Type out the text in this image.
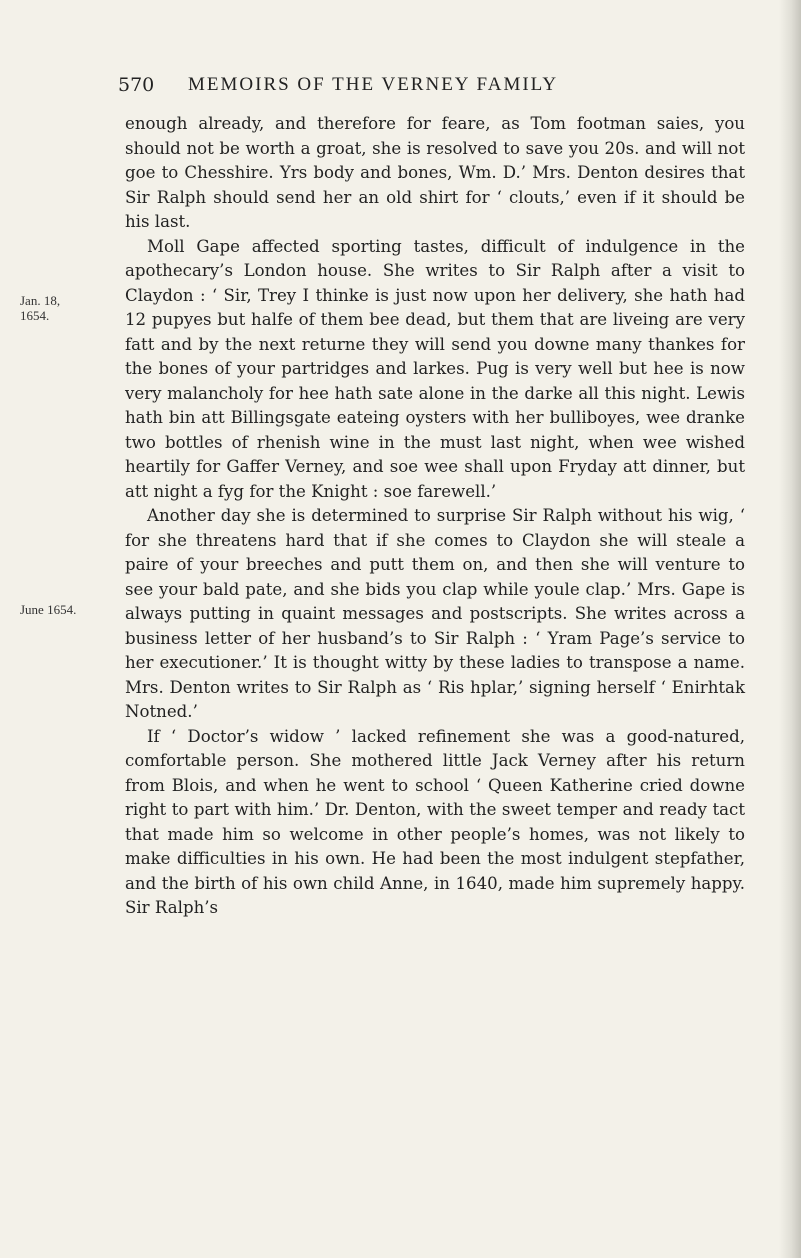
570 MEMOIRS OF THE VERNEY FAMILY
Jan. 18, 1654.
June 1654.

enough already, and therefore for feare, as Tom footman saies, you should not be worth a groat, she is resolved to save you 20s. and will not goe to Chesshire. Yrs body and bones, Wm. D.’ Mrs. Denton desires that Sir Ralph should send her an old shirt for ‘ clouts,’ even if it should be his last.

Moll Gape affected sporting tastes, difficult of indulgence in the apothecary’s London house. She writes to Sir Ralph after a visit to Claydon : ‘ Sir, Trey I thinke is just now upon her delivery, she hath had 12 pupyes but halfe of them bee dead, but them that are liveing are very fatt and by the next returne they will send you downe many thankes for the bones of your partridges and larkes. Pug is very well but hee is now very malancholy for hee hath sate alone in the darke all this night. Lewis hath bin att Billingsgate eateing oysters with her bulliboyes, wee dranke two bottles of rhenish wine in the must last night, when wee wished heartily for Gaffer Verney, and soe wee shall upon Fryday att dinner, but att night a fyg for the Knight : soe farewell.’

Another day she is determined to surprise Sir Ralph without his wig, ‘ for she threatens hard that if she comes to Claydon she will steale a paire of your breeches and putt them on, and then she will venture to see your bald pate, and she bids you clap while youle clap.’ Mrs. Gape is always putting in quaint messages and postscripts. She writes across a business letter of her husband’s to Sir Ralph : ‘ Yram Page’s service to her executioner.’ It is thought witty by these ladies to transpose a name. Mrs. Denton writes to Sir Ralph as ‘ Ris hplar,’ signing herself ‘ Enirhtak Notned.’

If ‘ Doctor’s widow ’ lacked refinement she was a good-natured, comfortable person. She mothered little Jack Verney after his return from Blois, and when he went to school ‘ Queen Katherine cried downe right to part with him.’ Dr. Denton, with the sweet temper and ready tact that made him so welcome in other people’s homes, was not likely to make difficulties in his own. He had been the most indulgent stepfather, and the birth of his own child Anne, in 1640, made him supremely happy. Sir Ralph’s
